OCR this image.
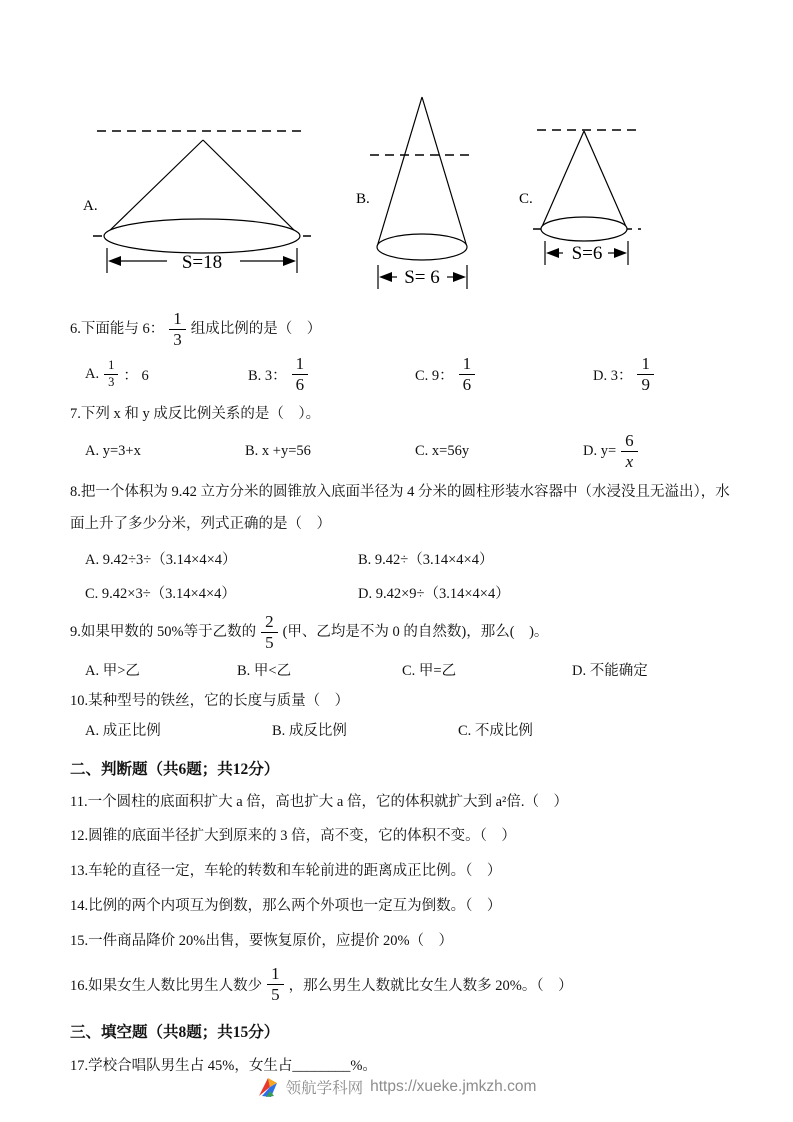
A.
S=18
B.
S= 6
C.
S=6
6.下面能与 6： $\frac{1}{3}$ 组成比例的是（　）
A. $\frac{1}{3}$ ： 6	B. 3： $\frac{1}{6}$	C. 9： $\frac{1}{6}$	D. 3： $\frac{1}{9}$

7.下列 x 和 y 成反比例关系的是（　）。

A. y=3+x	B. x +y=56	C. x=56y	D. $y= \frac{6}{x}$

8.把一个体积为 9.42 立方分米的圆锥放入底面半径为 4 分米的圆柱形装水容器中（水浸没且无溢出），水

面上升了多少分米，列式正确的是（　）

A. 9.42÷3÷（3.14×4×4）	B. 9.42÷（3.14×4×4）
C. 9.42×3÷（3.14×4×4）	D. 9.42×9÷（3.14×4×4）
9.如果甲数的 50%等于乙数的 $\frac{2}{5}$ (甲、乙均是不为 0 的自然数)，那么(　)。
A. 甲>乙	B. 甲<乙	C. 甲=乙	D. 不能确定

10.某种型号的铁丝，它的长度与质量（　）

A. 成正比例	B. 成反比例	C. 不成比例
二、判断题（共6题；共12分）

11.一个圆柱的底面积扩大 a 倍，高也扩大 a 倍，它的体积就扩大到 a²倍.（　）

12.圆锥的底面半径扩大到原来的 3 倍，高不变，它的体积不变。（　）

13.车轮的直径一定，车轮的转数和车轮前进的距离成正比例。（　）

14.比例的两个内项互为倒数，那么两个外项也一定互为倒数。（　）

15.一件商品降价 20%出售，要恢复原价，应提价 20%（　）

16.如果女生人数比男生人数少 $\frac{1}{5}$ ，那么男生人数就比女生人数多 20%。（　）
三、填空题（共8题；共15分）

17.学校合唱队男生占 45%，女生占________%。

领航学科网 https://xueke.jmkzh.com
